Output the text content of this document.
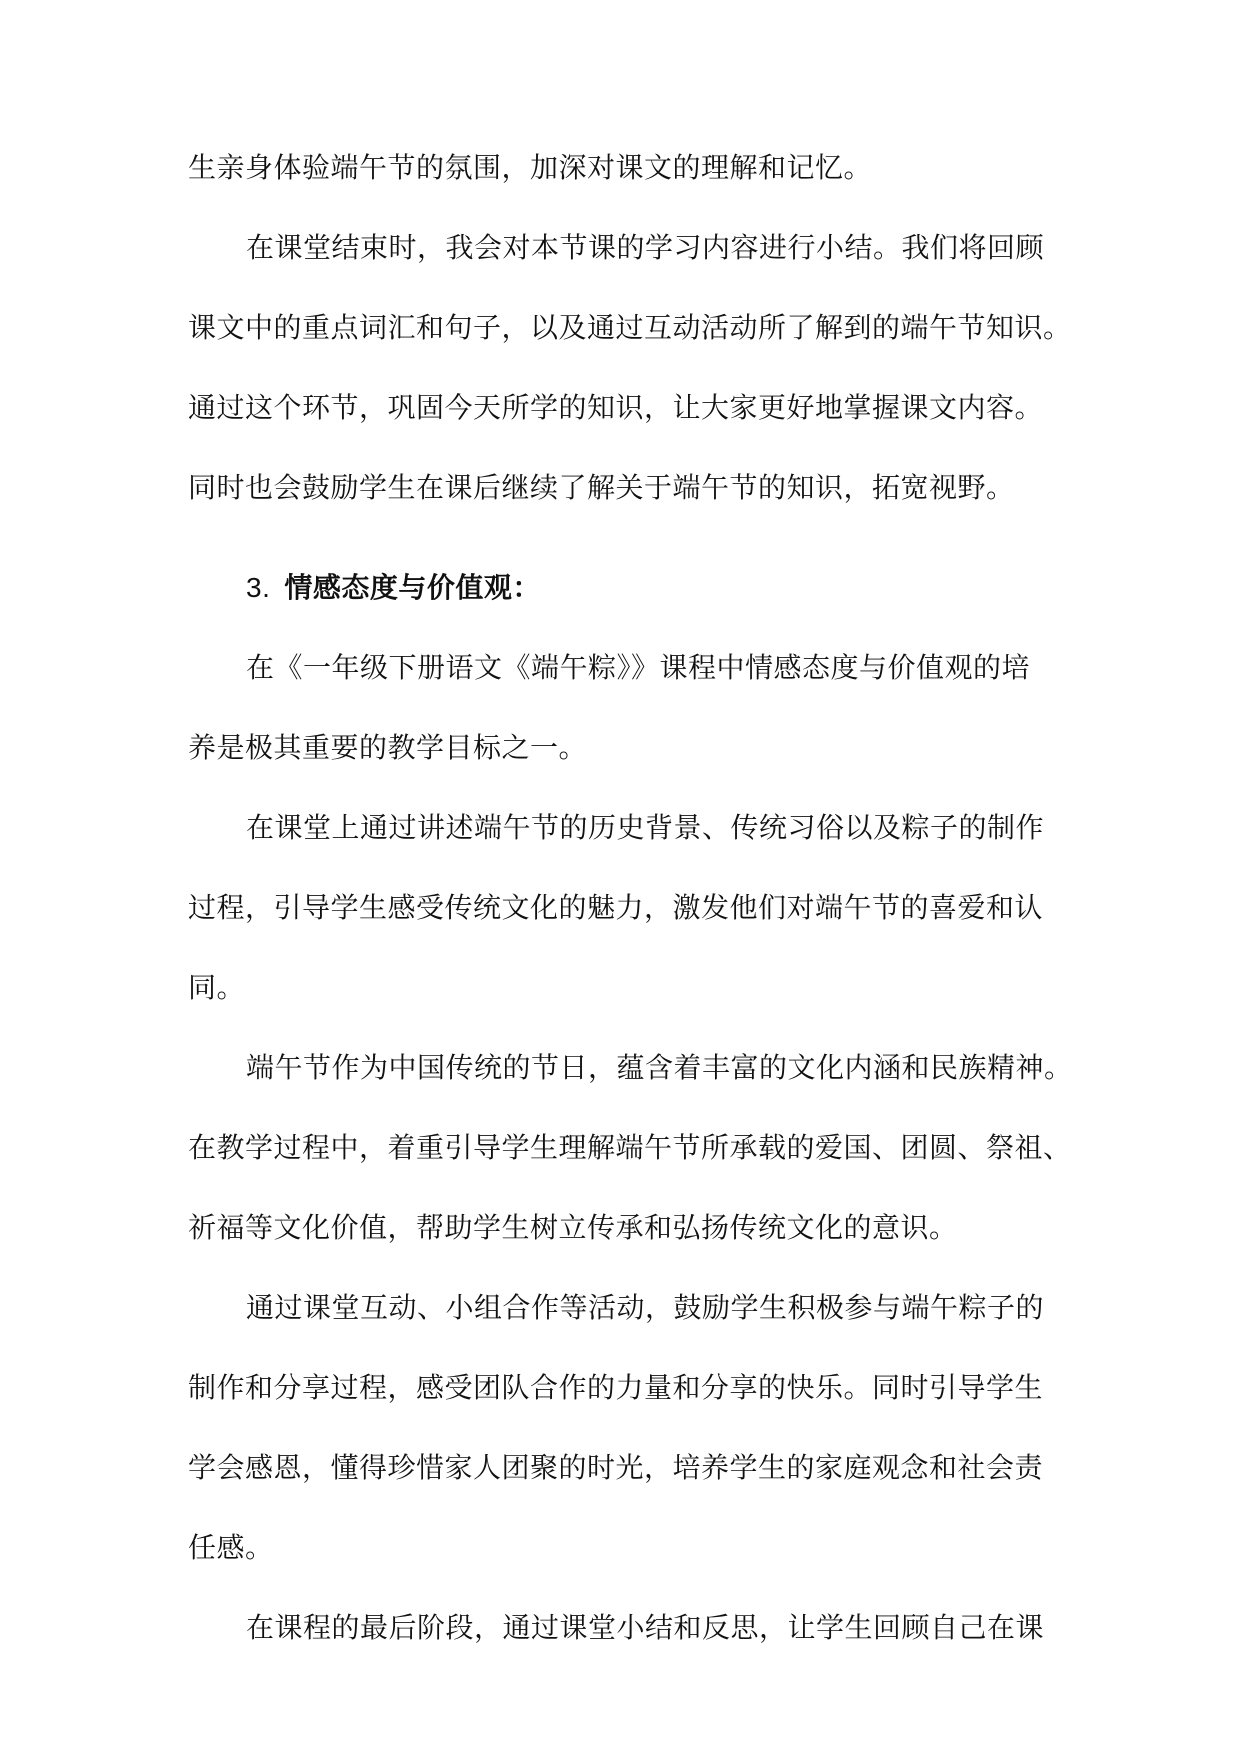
生亲身体验端午节的氛围，加深对课文的理解和记忆。
在课堂结束时，我会对本节课的学习内容进行小结。我们将回顾
课文中的重点词汇和句子，以及通过互动活动所了解到的端午节知识。
通过这个环节，巩固今天所学的知识，让大家更好地掌握课文内容。
同时也会鼓励学生在课后继续了解关于端午节的知识，拓宽视野。
3. 情感态度与价值观：
在《一年级下册语文《端午粽》》课程中情感态度与价值观的培
养是极其重要的教学目标之一。
在课堂上通过讲述端午节的历史背景、传统习俗以及粽子的制作
过程，引导学生感受传统文化的魅力，激发他们对端午节的喜爱和认
同。
端午节作为中国传统的节日，蕴含着丰富的文化内涵和民族精神。
在教学过程中，着重引导学生理解端午节所承载的爱国、团圆、祭祖、
祈福等文化价值，帮助学生树立传承和弘扬传统文化的意识。
通过课堂互动、小组合作等活动，鼓励学生积极参与端午粽子的
制作和分享过程，感受团队合作的力量和分享的快乐。同时引导学生
学会感恩，懂得珍惜家人团聚的时光，培养学生的家庭观念和社会责
任感。
在课程的最后阶段，通过课堂小结和反思，让学生回顾自己在课
